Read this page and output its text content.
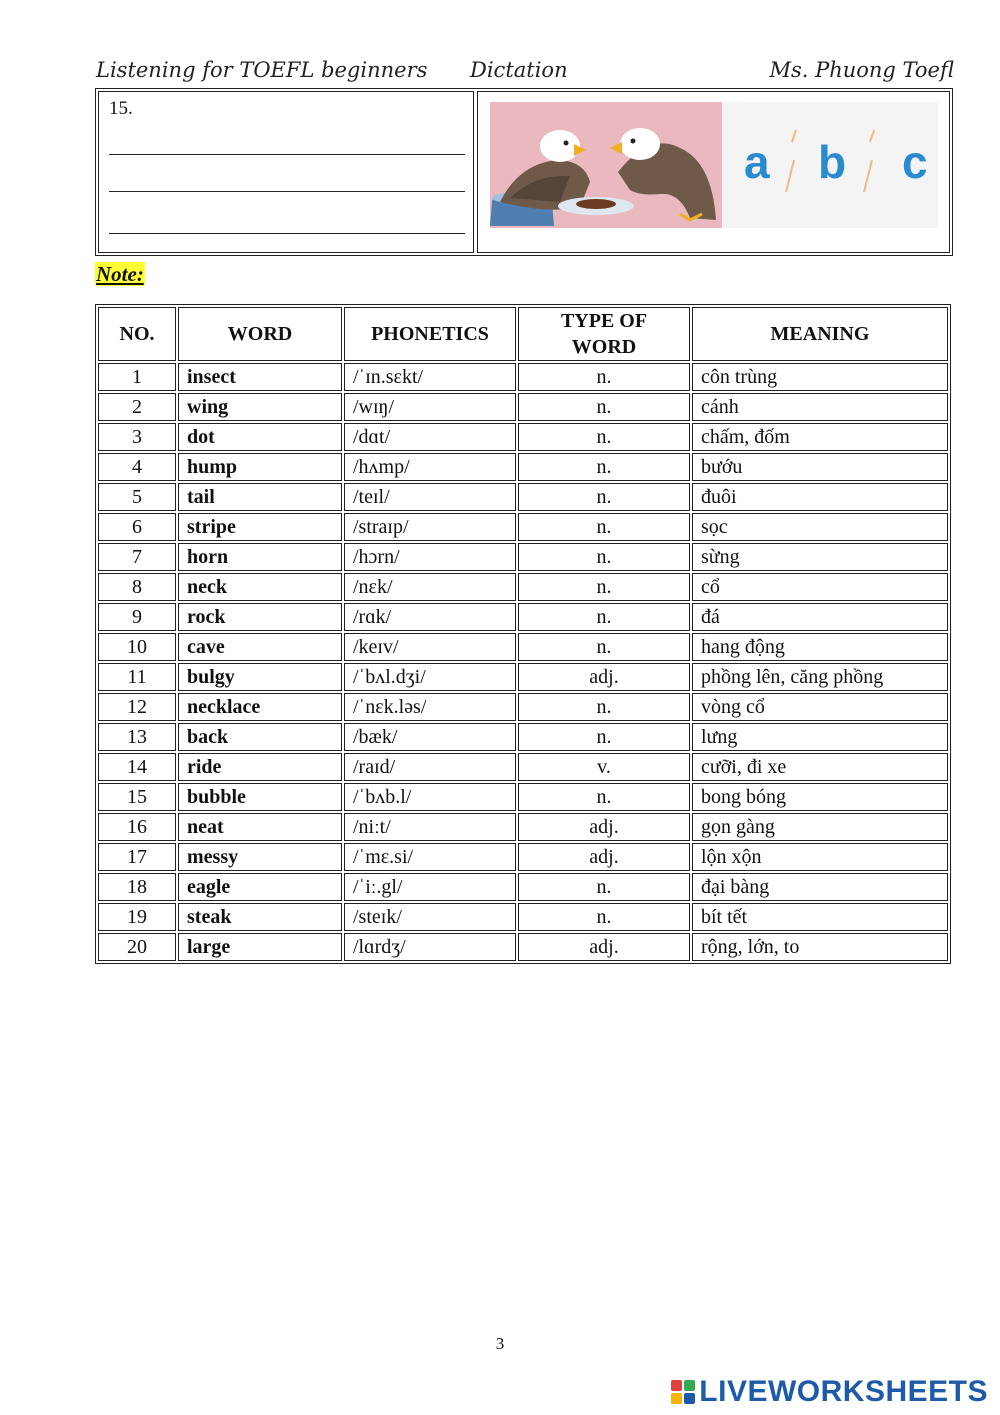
Listening for TOEFL beginners Dictation	Ms. Phuong Toefl
15.
a b c
Note:
NO.	WORD	PHONETICS	TYPE OF WORD	MEANING
1	insect	/ˈɪn.sɛkt/	n.	côn trùng
2	wing	/wɪŋ/	n.	cánh
3	dot	/dɑt/	n.	chấm, đốm
4	hump	/hʌmp/	n.	bướu
5	tail	/teɪl/	n.	đuôi
6	stripe	/straɪp/	n.	sọc
7	horn	/hɔrn/	n.	sừng
8	neck	/nɛk/	n.	cổ
9	rock	/rɑk/	n.	đá
10	cave	/keɪv/	n.	hang động
11	bulgy	/ˈbʌl.dʒi/	adj.	phồng lên, căng phồng
12	necklace	/ˈnɛk.ləs/	n.	vòng cổ
13	back	/bæk/	n.	lưng
14	ride	/raɪd/	v.	cưỡi, đi xe
15	bubble	/ˈbʌb.l/	n.	bong bóng
16	neat	/niːt/	adj.	gọn gàng
17	messy	/ˈmɛ.si/	adj.	lộn xộn
18	eagle	/ˈiː.gl/	n.	đại bàng
19	steak	/steɪk/	n.	bít tết
20	large	/lɑrdʒ/	adj.	rộng, lớn, to
3
LIVEWORKSHEETS
